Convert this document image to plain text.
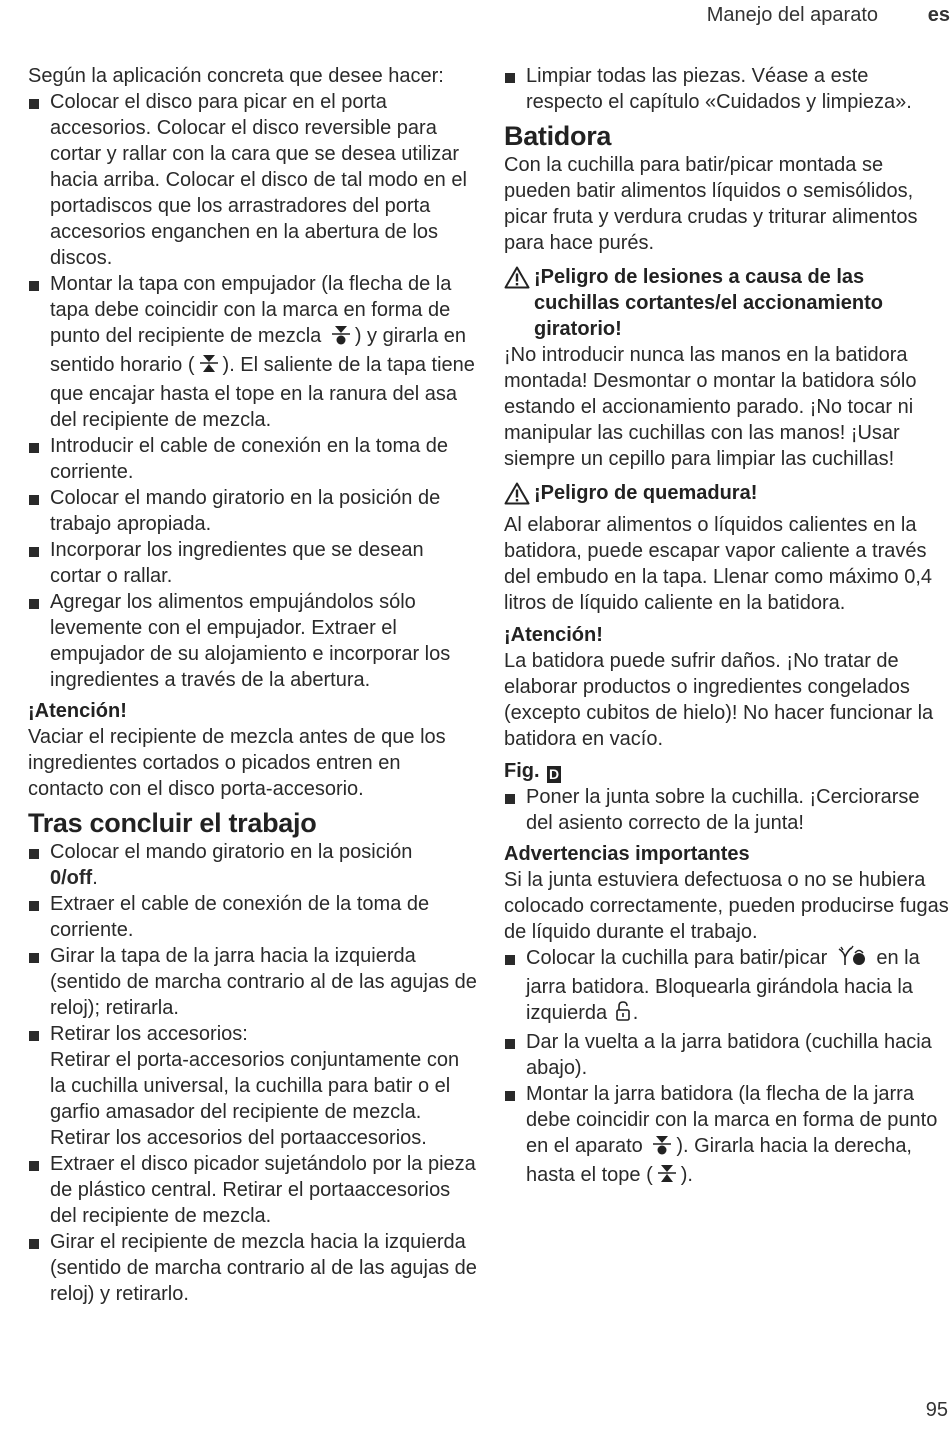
Manejo del aparato es

Según la aplicación concreta que desee hacer:

Colocar el disco para picar en el porta accesorios. Colocar el disco reversible para cortar y rallar con la cara que se desea utilizar hacia arriba. Colocar el disco de tal modo en el portadiscos que los arrastradores del porta accesorios enganchen en la abertura de los discos.
Montar la tapa con empujador (la flecha de la tapa debe coincidir con la marca en forma de punto del recipiente de mezcla ) y girarla en sentido horario ( ). El saliente de la tapa tiene que encajar hasta el tope en la ranura del asa del recipiente de mezcla.
Introducir el cable de conexión en la toma de corriente.
Colocar el mando giratorio en la posición de trabajo apropiada.
Incorporar los ingredientes que se desean cortar o rallar.
Agregar los alimentos empujándolos sólo levemente con el empujador. Extraer el empujador de su alojamiento e incorporar los ingredientes a través de la abertura.

¡Atención!

Vaciar el recipiente de mezcla antes de que los ingredientes cortados o picados entren en contacto con el disco porta-accesorio.

Tras concluir el trabajo

Colocar el mando giratorio en la posición
0/off.
Extraer el cable de conexión de la toma de corriente.
Girar la tapa de la jarra hacia la izquierda (sentido de marcha contrario al de las agujas de reloj); retirarla.
Retirar los accesorios:
Retirar el porta-accesorios conjuntamente con la cuchilla universal, la cuchilla para batir o el garfio amasador del recipiente de mezcla. Retirar los accesorios del portaaccesorios.
Extraer el disco picador sujetándolo por la pieza de plástico central. Retirar el portaaccesorios del recipiente de mezcla.
Girar el recipiente de mezcla hacia la izquierda (sentido de marcha contrario al de las agujas de reloj) y retirarlo.
Limpiar todas las piezas. Véase a este respecto el capítulo «Cuidados y limpieza».

Batidora

Con la cuchilla para batir/picar montada se pueden batir alimentos líquidos o semisólidos, picar fruta y verdura crudas y triturar alimentos para hace purés.

¡Peligro de lesiones a causa de las cuchillas cortantes/el accionamiento giratorio!

¡No introducir nunca las manos en la batidora montada! Desmontar o montar la batidora sólo estando el accionamiento parado. ¡No tocar ni manipular las cuchillas con las manos! ¡Usar siempre un cepillo para limpiar las cuchillas!

¡Peligro de quemadura!

Al elaborar alimentos o líquidos calientes en la batidora, puede escapar vapor caliente a través del embudo en la tapa. Llenar como máximo 0,4 litros de líquido caliente en la batidora.

¡Atención!

La batidora puede sufrir daños. ¡No tratar de elaborar productos o ingredientes congelados (excepto cubitos de hielo)! No hacer funcionar la batidora en vacío.

Fig. D

Poner la junta sobre la cuchilla. ¡Cerciorarse del asiento correcto de la junta!

Advertencias importantes

Si la junta estuviera defectuosa o no se hubiera colocado correctamente, pueden producirse fugas de líquido durante el trabajo.

Colocar la cuchilla para batir/picar  en la jarra batidora. Bloquearla girándola hacia la izquierda .
Dar la vuelta a la jarra batidora (cuchilla hacia abajo).
Montar la jarra batidora (la flecha de la jarra debe coincidir con la marca en forma de punto en el aparato ). Girarla hacia la derecha, hasta el tope ( ).
95
